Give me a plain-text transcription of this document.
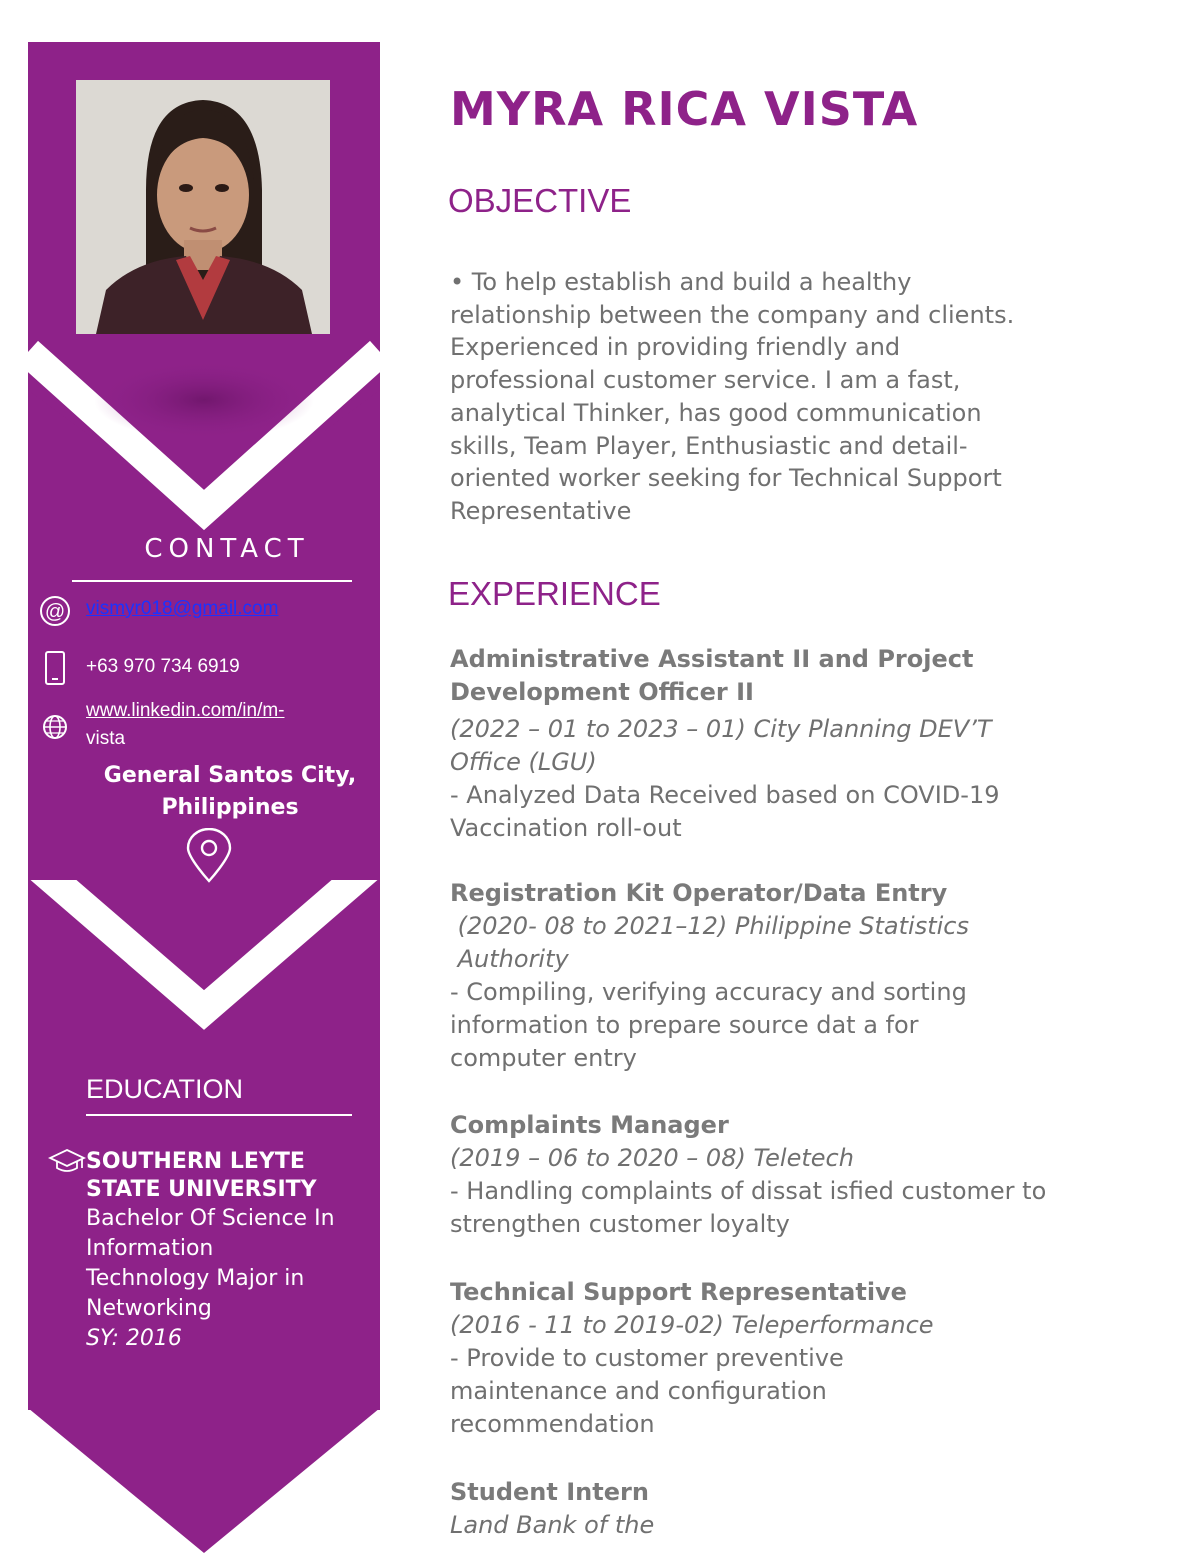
CONTACT
@ vismyr018@gmail.com
+63 970 734 6919
www.linkedin.com/in/m-
vista
General Santos City,
Philippines
EDUCATION
SOUTHERN LEYTE
STATE UNIVERSITY
Bachelor Of Science In
Information
Technology Major in
Networking
SY: 2016
MYRA RICA VISTA
OBJECTIVE
• To help establish and build a healthy
relationship between the company and clients.
Experienced in providing friendly and
professional customer service. I am a fast,
analytical Thinker, has good communication
skills, Team Player, Enthusiastic and detail-
oriented worker seeking for Technical Support
Representative
EXPERIENCE
Administrative Assistant II and Project
Development Officer II
(2022 – 01 to 2023 – 01) City Planning DEV’T
Office (LGU)
- Analyzed Data Received based on COVID-19
Vaccination roll-out
Registration Kit Operator/Data Entry
(2020- 08 to 2021–12) Philippine Statistics
Authority
- Compiling, verifying accuracy and sorting
information to prepare source dat a for
computer entry
Complaints Manager
(2019 – 06 to 2020 – 08) Teletech
- Handling complaints of dissat isfied customer to
strengthen customer loyalty
Technical Support Representative
(2016 - 11 to 2019-02) Teleperformance
- Provide to customer preventive
maintenance and configuration
recommendation
Student Intern
Land Bank of the
